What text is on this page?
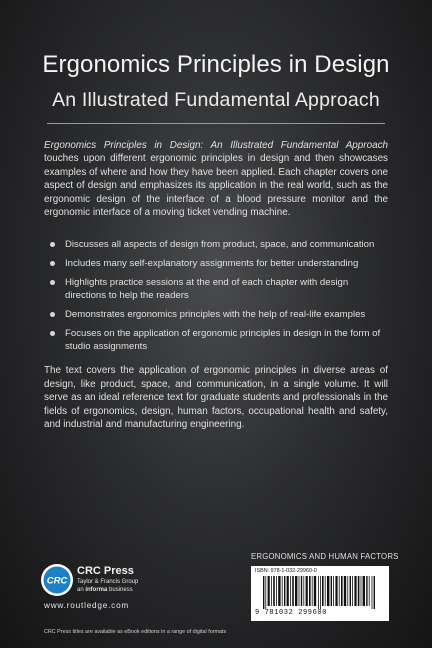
Ergonomics Principles in Design
An Illustrated Fundamental Approach

Ergonomics Principles in Design: An Illustrated Fundamental Approach touches upon different ergonomic principles in design and then showcases examples of where and how they have been applied. Each chapter covers one aspect of design and emphasizes its application in the real world, such as the ergonomic design of the interface of a blood pressure monitor and the ergonomic interface of a moving ticket vending machine.

Discusses all aspects of design from product, space, and communication
Includes many self-explanatory assignments for better understanding
Highlights practice sessions at the end of each chapter with design directions to help the readers
Demonstrates ergonomics principles with the help of real-life examples
Focuses on the application of ergonomic principles in design in the form of studio assignments

The text covers the application of ergonomic principles in diverse areas of design, like product, space, and communication, in a single volume. It will serve as an ideal reference text for graduate students and professionals in the fields of ergonomics, design, human factors, occupational health and safety, and industrial and manufacturing engineering.

ERGONOMICS AND HUMAN FACTORS
ISBN: 978-1-032-29960-0
9 781032 299600
CRC
CRC Press
Taylor & Francis Group
an informa business
www.routledge.com
CRC Press titles are available as eBook editions in a range of digital formats
